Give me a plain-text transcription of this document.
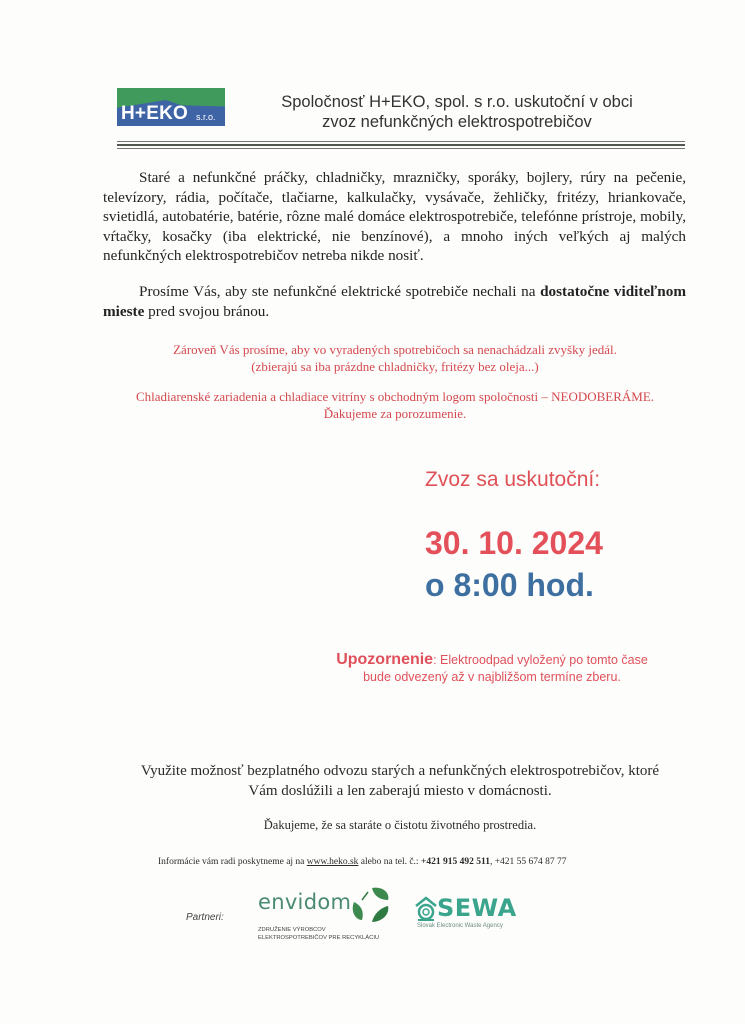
H+EKO s.r.o.
Spoločnosť H+EKO, spol. s r.o. uskutoční v obci
zvoz nefunkčných elektrospotrebičov
Staré a nefunkčné práčky, chladničky, mrazničky, sporáky, bojlery, rúry na pečenie, televízory, rádia, počítače, tlačiarne, kalkulačky, vysávače, žehličky, fritézy, hriankovače, svietidlá, autobatérie, batérie, rôzne malé domáce elektrospotrebiče, telefónne prístroje, mobily, vŕtačky, kosačky (iba elektrické, nie benzínové), a mnoho iných veľkých aj malých nefunkčných elektrospotrebičov netreba nikde nosiť.
Prosíme Vás, aby ste nefunkčné elektrické spotrebiče nechali na dostatočne viditeľnom mieste pred svojou bránou.
Zároveň Vás prosíme, aby vo vyradených spotrebičoch sa nenachádzali zvyšky jedál.
(zbierajú sa iba prázdne chladničky, fritézy bez oleja...)
Chladiarenské zariadenia a chladiace vitríny s obchodným logom spoločnosti – NEODOBERÁME.
Ďakujeme za porozumenie.
Zvoz sa uskutoční:
30. 10. 2024
o 8:00 hod.
Upozornenie: Elektroodpad vyložený po tomto čase
bude odvezený až v najbližšom termíne zberu.
Využite možnosť bezplatného odvozu starých a nefunkčných elektrospotrebičov, ktoré
Vám doslúžili a len zaberajú miesto v domácnosti.
Ďakujeme, že sa staráte o čistotu životného prostredia.
Informácie vám radi poskytneme aj na www.heko.sk alebo na tel. č.: +421 915 492 511, +421 55 674 87 77
Partneri:
envidom
ZDRUŽENIE VÝROBCOV
ELEKTROSPOTREBIČOV PRE RECYKLÁCIU
SEWA
Slovak Electronic Waste Agency
